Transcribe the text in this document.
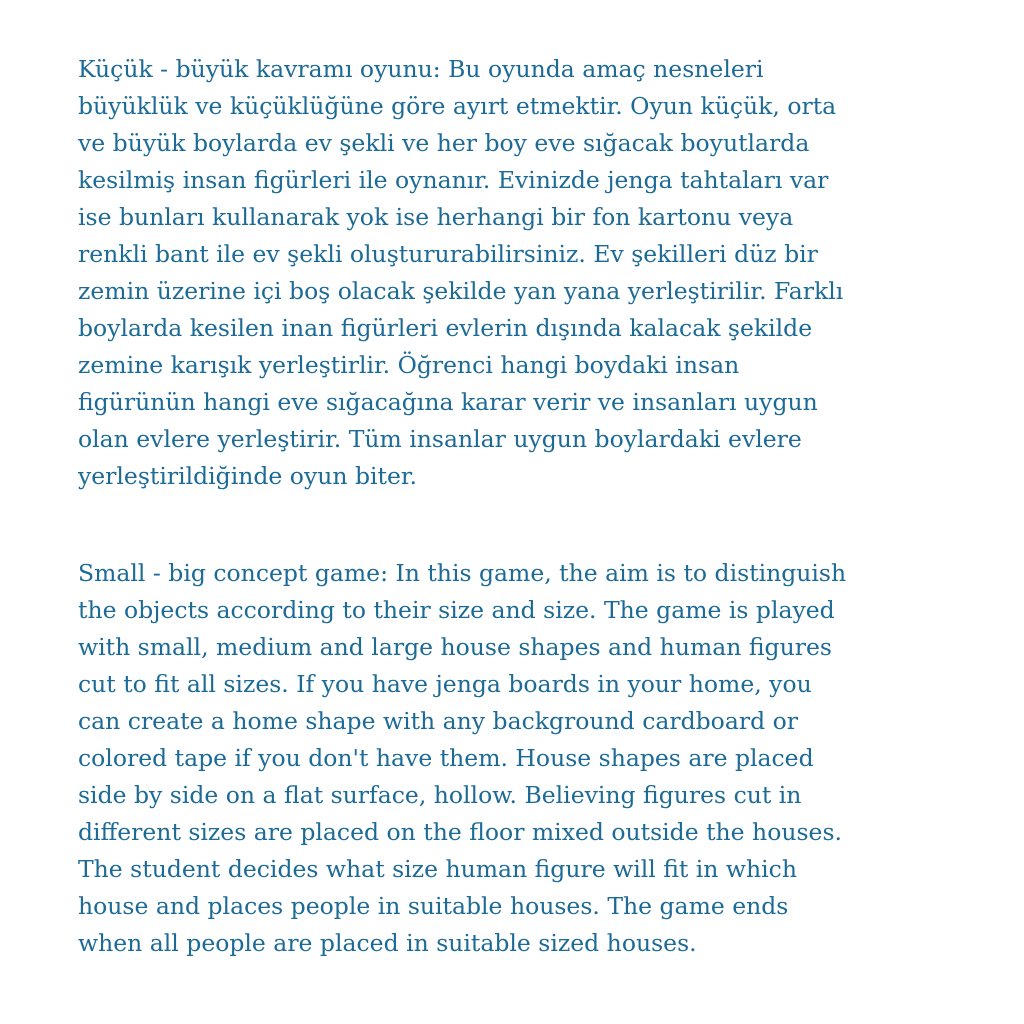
Küçük - büyük kavramı oyunu: Bu oyunda amaç nesneleri
büyüklük ve küçüklüğüne göre ayırt etmektir. Oyun küçük, orta
ve büyük boylarda ev şekli ve her boy eve sığacak boyutlarda
kesilmiş insan figürleri ile oynanır. Evinizde jenga tahtaları var
ise bunları kullanarak yok ise herhangi bir fon kartonu veya
renkli bant ile ev şekli oluştururabilirsiniz. Ev şekilleri düz bir
zemin üzerine içi boş olacak şekilde yan yana yerleştirilir. Farklı
boylarda kesilen inan figürleri evlerin dışında kalacak şekilde
zemine karışık yerleştirlir. Öğrenci hangi boydaki insan
figürünün hangi eve sığacağına karar verir ve insanları uygun
olan evlere yerleştirir. Tüm insanlar uygun boylardaki evlere
yerleştirildiğinde oyun biter.

Small - big concept game: In this game, the aim is to distinguish
the objects according to their size and size. The game is played
with small, medium and large house shapes and human figures
cut to fit all sizes. If you have jenga boards in your home, you
can create a home shape with any background cardboard or
colored tape if you don't have them. House shapes are placed
side by side on a flat surface, hollow. Believing figures cut in
different sizes are placed on the floor mixed outside the houses.
The student decides what size human figure will fit in which
house and places people in suitable houses. The game ends
when all people are placed in suitable sized houses.
